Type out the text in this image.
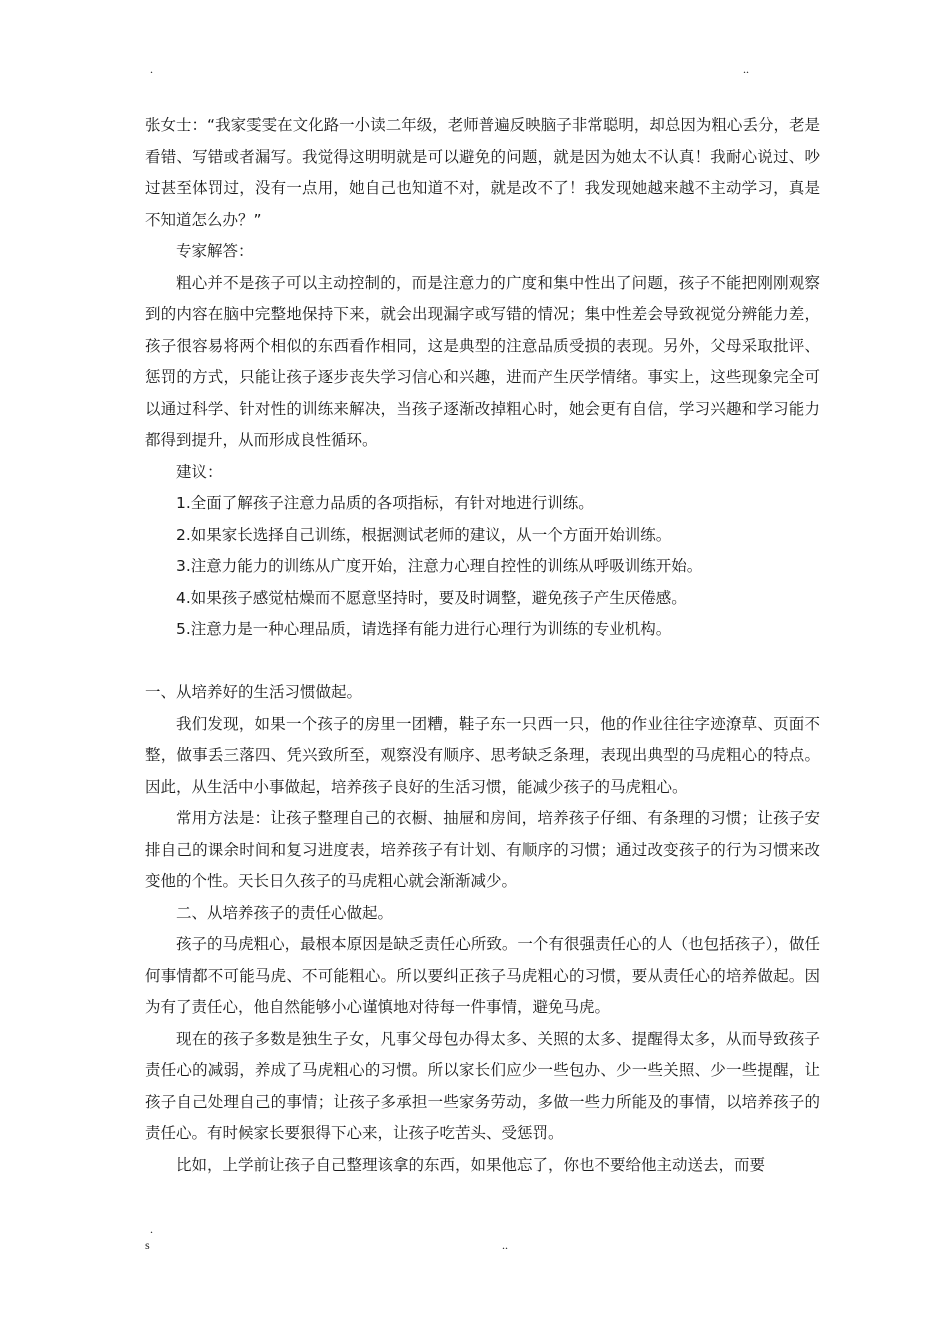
.	..

张女士：“我家雯雯在文化路一小读二年级，老师普遍反映脑子非常聪明，却总因为粗心丢分，老是看错、写错或者漏写。我觉得这明明就是可以避免的问题，就是因为她太不认真！我耐心说过、吵过甚至体罚过，没有一点用，她自己也知道不对，就是改不了！我发现她越来越不主动学习，真是不知道怎么办？”

专家解答：

粗心并不是孩子可以主动控制的，而是注意力的广度和集中性出了问题，孩子不能把刚刚观察到的内容在脑中完整地保持下来，就会出现漏字或写错的情况；集中性差会导致视觉分辨能力差，孩子很容易将两个相似的东西看作相同，这是典型的注意品质受损的表现。另外，父母采取批评、惩罚的方式，只能让孩子逐步丧失学习信心和兴趣，进而产生厌学情绪。事实上，这些现象完全可以通过科学、针对性的训练来解决，当孩子逐渐改掉粗心时，她会更有自信，学习兴趣和学习能力都得到提升，从而形成良性循环。

建议：

1.全面了解孩子注意力品质的各项指标，有针对地进行训练。

2.如果家长选择自己训练，根据测试老师的建议，从一个方面开始训练。

3.注意力能力的训练从广度开始，注意力心理自控性的训练从呼吸训练开始。

4.如果孩子感觉枯燥而不愿意坚持时，要及时调整，避免孩子产生厌倦感。

5.注意力是一种心理品质，请选择有能力进行心理行为训练的专业机构。

一、从培养好的生活习惯做起。

我们发现，如果一个孩子的房里一团糟，鞋子东一只西一只，他的作业往往字迹潦草、页面不整，做事丢三落四、凭兴致所至，观察没有顺序、思考缺乏条理，表现出典型的马虎粗心的特点。因此，从生活中小事做起，培养孩子良好的生活习惯，能减少孩子的马虎粗心。

常用方法是：让孩子整理自己的衣橱、抽屉和房间，培养孩子仔细、有条理的习惯；让孩子安排自己的课余时间和复习进度表，培养孩子有计划、有顺序的习惯；通过改变孩子的行为习惯来改变他的个性。天长日久孩子的马虎粗心就会渐渐减少。

二、从培养孩子的责任心做起。

孩子的马虎粗心，最根本原因是缺乏责任心所致。一个有很强责任心的人（也包括孩子），做任何事情都不可能马虎、不可能粗心。所以要纠正孩子马虎粗心的习惯，要从责任心的培养做起。因为有了责任心，他自然能够小心谨慎地对待每一件事情，避免马虎。

现在的孩子多数是独生子女，凡事父母包办得太多、关照的太多、提醒得太多，从而导致孩子责任心的减弱，养成了马虎粗心的习惯。所以家长们应少一些包办、少一些关照、少一些提醒，让孩子自己处理自己的事情；让孩子多承担一些家务劳动，多做一些力所能及的事情，以培养孩子的责任心。有时候家长要狠得下心来，让孩子吃苦头、受惩罚。

比如，上学前让孩子自己整理该拿的东西，如果他忘了，你也不要给他主动送去，而要

.
s	..
